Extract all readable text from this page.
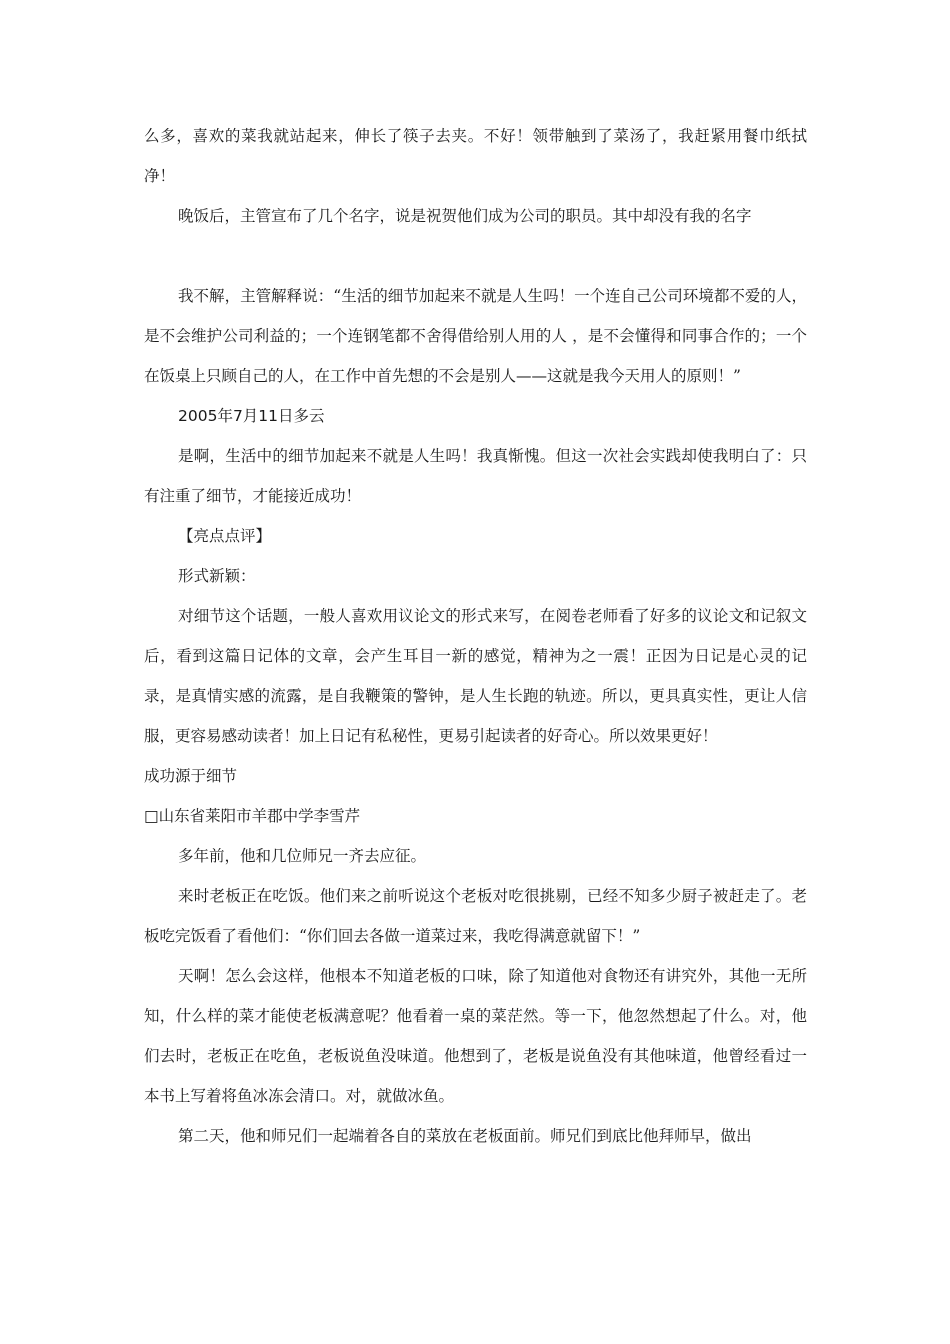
么多，喜欢的菜我就站起来，伸长了筷子去夹。不好！领带触到了菜汤了，我赶紧用餐巾纸拭净！

晚饭后，主管宣布了几个名字，说是祝贺他们成为公司的职员。其中却没有我的名字

我不解，主管解释说：“生活的细节加起来不就是人生吗！一个连自己公司环境都不爱的人，是不会维护公司利益的；一个连钢笔都不舍得借给别人用的人 ，是不会懂得和同事合作的；一个在饭桌上只顾自己的人，在工作中首先想的不会是别人——这就是我今天用人的原则！”

2005年7月11日多云

是啊，生活中的细节加起来不就是人生吗！我真惭愧。但这一次社会实践却使我明白了：只有注重了细节，才能接近成功！

【亮点点评】

形式新颖：

对细节这个话题，一般人喜欢用议论文的形式来写，在阅卷老师看了好多的议论文和记叙文后，看到这篇日记体的文章，会产生耳目一新的感觉，精神为之一震！正因为日记是心灵的记录，是真情实感的流露，是自我鞭策的警钟，是人生长跑的轨迹。所以，更具真实性，更让人信服，更容易感动读者！加上日记有私秘性，更易引起读者的好奇心。所以效果更好！

成功源于细节

□山东省莱阳市羊郡中学李雪芹

多年前，他和几位师兄一齐去应征。

来时老板正在吃饭。他们来之前听说这个老板对吃很挑剔，已经不知多少厨子被赶走了。老板吃完饭看了看他们：“你们回去各做一道菜过来，我吃得满意就留下！”

天啊！怎么会这样，他根本不知道老板的口味，除了知道他对食物还有讲究外，其他一无所知，什么样的菜才能使老板满意呢？他看着一桌的菜茫然。等一下，他忽然想起了什么。对，他们去时，老板正在吃鱼，老板说鱼没味道。他想到了，老板是说鱼没有其他味道，他曾经看过一本书上写着将鱼冰冻会清口。对，就做冰鱼。

第二天，他和师兄们一起端着各自的菜放在老板面前。师兄们到底比他拜师早，做出
